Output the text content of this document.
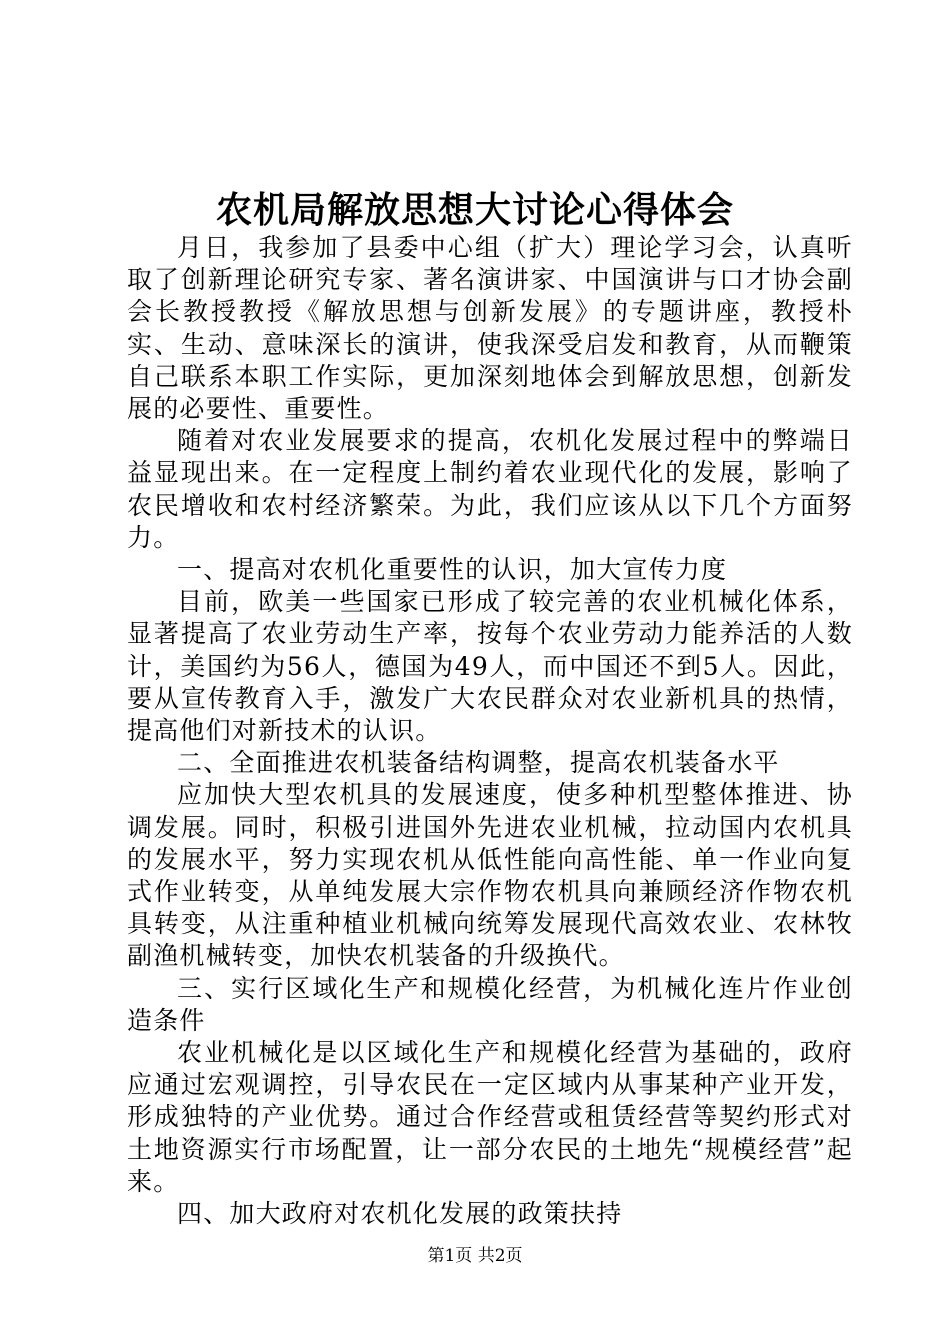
农机局解放思想大讨论心得体会

月日，我参加了县委中心组（扩大）理论学习会，认真听取了创新理论研究专家、著名演讲家、中国演讲与口才协会副会长教授教授《解放思想与创新发展》的专题讲座，教授朴实、生动、意味深长的演讲，使我深受启发和教育，从而鞭策自己联系本职工作实际，更加深刻地体会到解放思想，创新发展的必要性、重要性。

随着对农业发展要求的提高，农机化发展过程中的弊端日益显现出来。在一定程度上制约着农业现代化的发展，影响了农民增收和农村经济繁荣。为此，我们应该从以下几个方面努力。

一、提高对农机化重要性的认识，加大宣传力度

目前，欧美一些国家已形成了较完善的农业机械化体系，显著提高了农业劳动生产率，按每个农业劳动力能养活的人数计，美国约为56人，德国为49人，而中国还不到5人。因此，要从宣传教育入手，激发广大农民群众对农业新机具的热情，提高他们对新技术的认识。

二、全面推进农机装备结构调整，提高农机装备水平

应加快大型农机具的发展速度，使多种机型整体推进、协调发展。同时，积极引进国外先进农业机械，拉动国内农机具的发展水平，努力实现农机从低性能向高性能、单一作业向复式作业转变，从单纯发展大宗作物农机具向兼顾经济作物农机具转变，从注重种植业机械向统筹发展现代高效农业、农林牧副渔机械转变，加快农机装备的升级换代。

三、实行区域化生产和规模化经营，为机械化连片作业创造条件

农业机械化是以区域化生产和规模化经营为基础的，政府应通过宏观调控，引导农民在一定区域内从事某种产业开发，形成独特的产业优势。通过合作经营或租赁经营等契约形式对土地资源实行市场配置，让一部分农民的土地先“规模经营”起来。

四、加大政府对农机化发展的政策扶持

第1页 共2页
